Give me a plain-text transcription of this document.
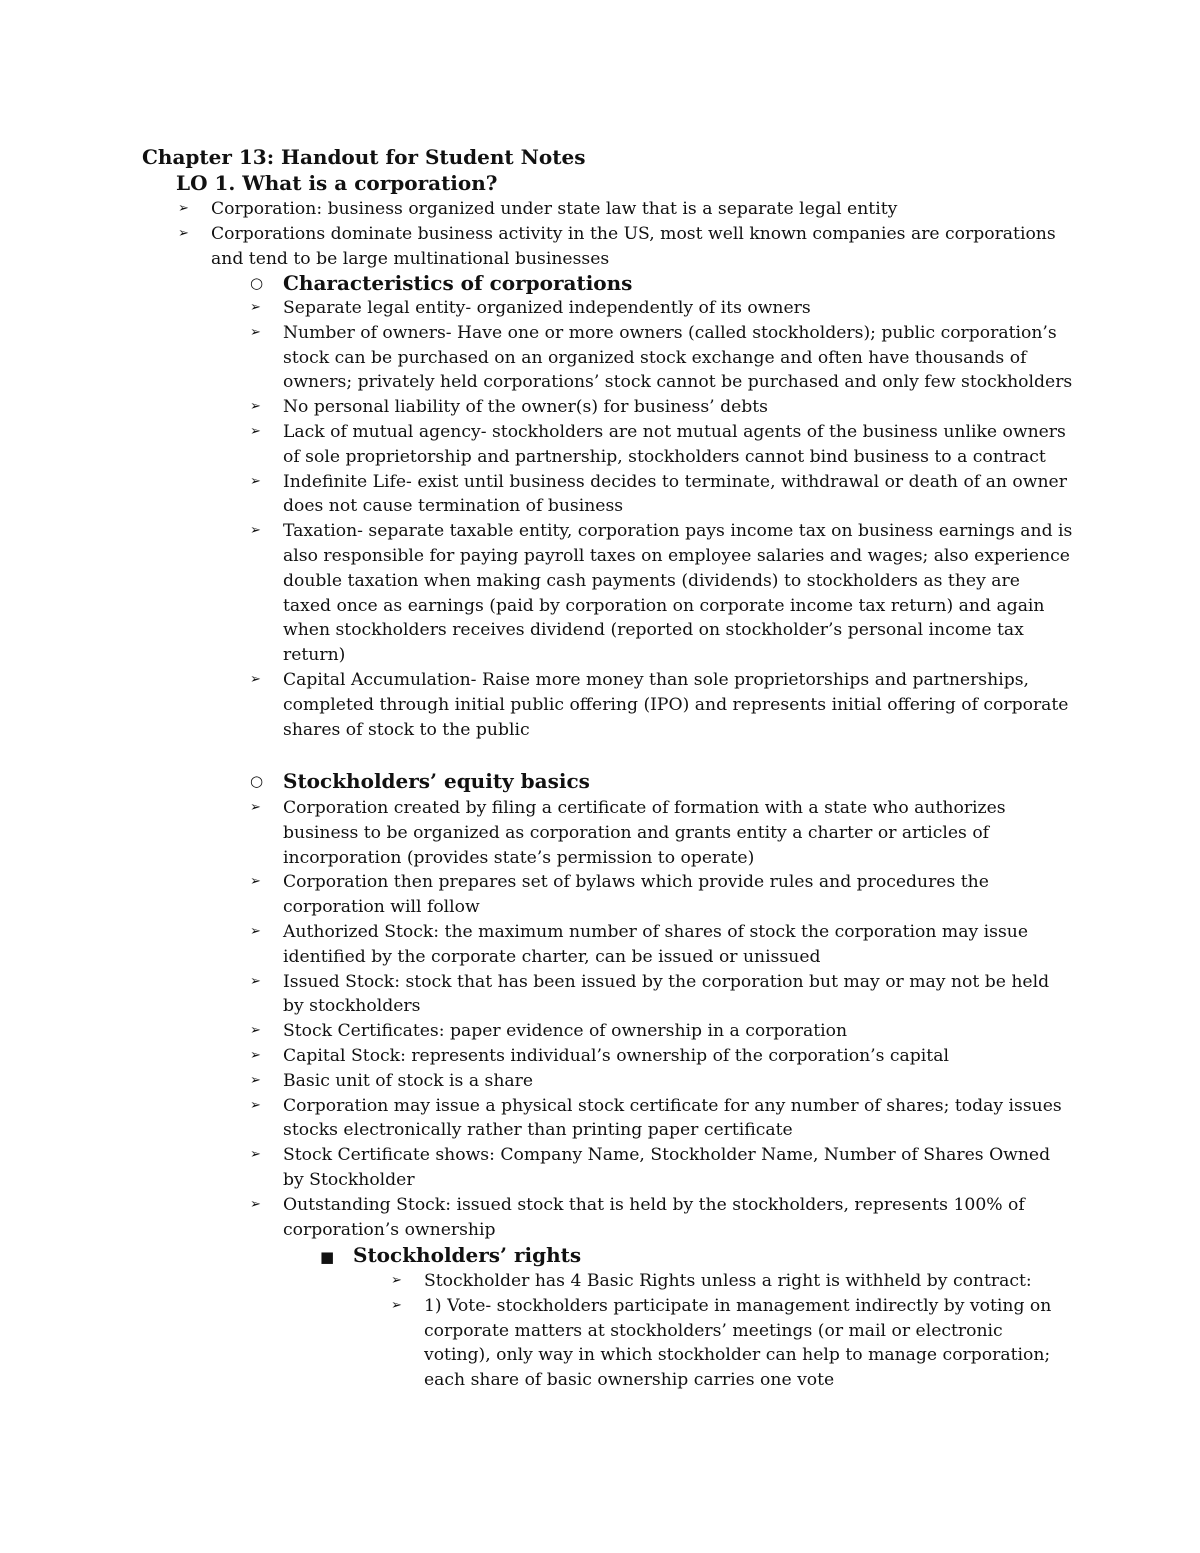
Chapter 13: Handout for Student Notes
LO 1. What is a corporation?
➢ Corporation: business organized under state law that is a separate legal entity
➢ Corporations dominate business activity in the US, most well known companies are corporations and tend to be large multinational businesses
○ Characteristics of corporations
➢ Separate legal entity- organized independently of its owners
➢ Number of owners- Have one or more owners (called stockholders); public corporation’s stock can be purchased on an organized stock exchange and often have thousands of owners; privately held corporations’ stock cannot be purchased and only few stockholders
➢ No personal liability of the owner(s) for business’ debts
➢ Lack of mutual agency- stockholders are not mutual agents of the business unlike owners of sole proprietorship and partnership, stockholders cannot bind business to a contract
➢ Indefinite Life- exist until business decides to terminate, withdrawal or death of an owner does not cause termination of business
➢ Taxation- separate taxable entity, corporation pays income tax on business earnings and is also responsible for paying payroll taxes on employee salaries and wages; also experience double taxation when making cash payments (dividends) to stockholders as they are taxed once as earnings (paid by corporation on corporate income tax return) and again when stockholders receives dividend (reported on stockholder’s personal income tax return)
➢ Capital Accumulation- Raise more money than sole proprietorships and partnerships, completed through initial public offering (IPO) and represents initial offering of corporate shares of stock to the public
○ Stockholders’ equity basics
➢ Corporation created by filing a certificate of formation with a state who authorizes business to be organized as corporation and grants entity a charter or articles of incorporation (provides state’s permission to operate)
➢ Corporation then prepares set of bylaws which provide rules and procedures the corporation will follow
➢ Authorized Stock: the maximum number of shares of stock the corporation may issue identified by the corporate charter, can be issued or unissued
➢ Issued Stock: stock that has been issued by the corporation but may or may not be held by stockholders
➢ Stock Certificates: paper evidence of ownership in a corporation
➢ Capital Stock: represents individual’s ownership of the corporation’s capital
➢ Basic unit of stock is a share
➢ Corporation may issue a physical stock certificate for any number of shares; today issues stocks electronically rather than printing paper certificate
➢ Stock Certificate shows: Company Name, Stockholder Name, Number of Shares Owned by Stockholder
➢ Outstanding Stock: issued stock that is held by the stockholders, represents 100% of corporation’s ownership
■ Stockholders’ rights
➢ Stockholder has 4 Basic Rights unless a right is withheld by contract:
➢ 1) Vote- stockholders participate in management indirectly by voting on corporate matters at stockholders’ meetings (or mail or electronic voting), only way in which stockholder can help to manage corporation; each share of basic ownership carries one vote
